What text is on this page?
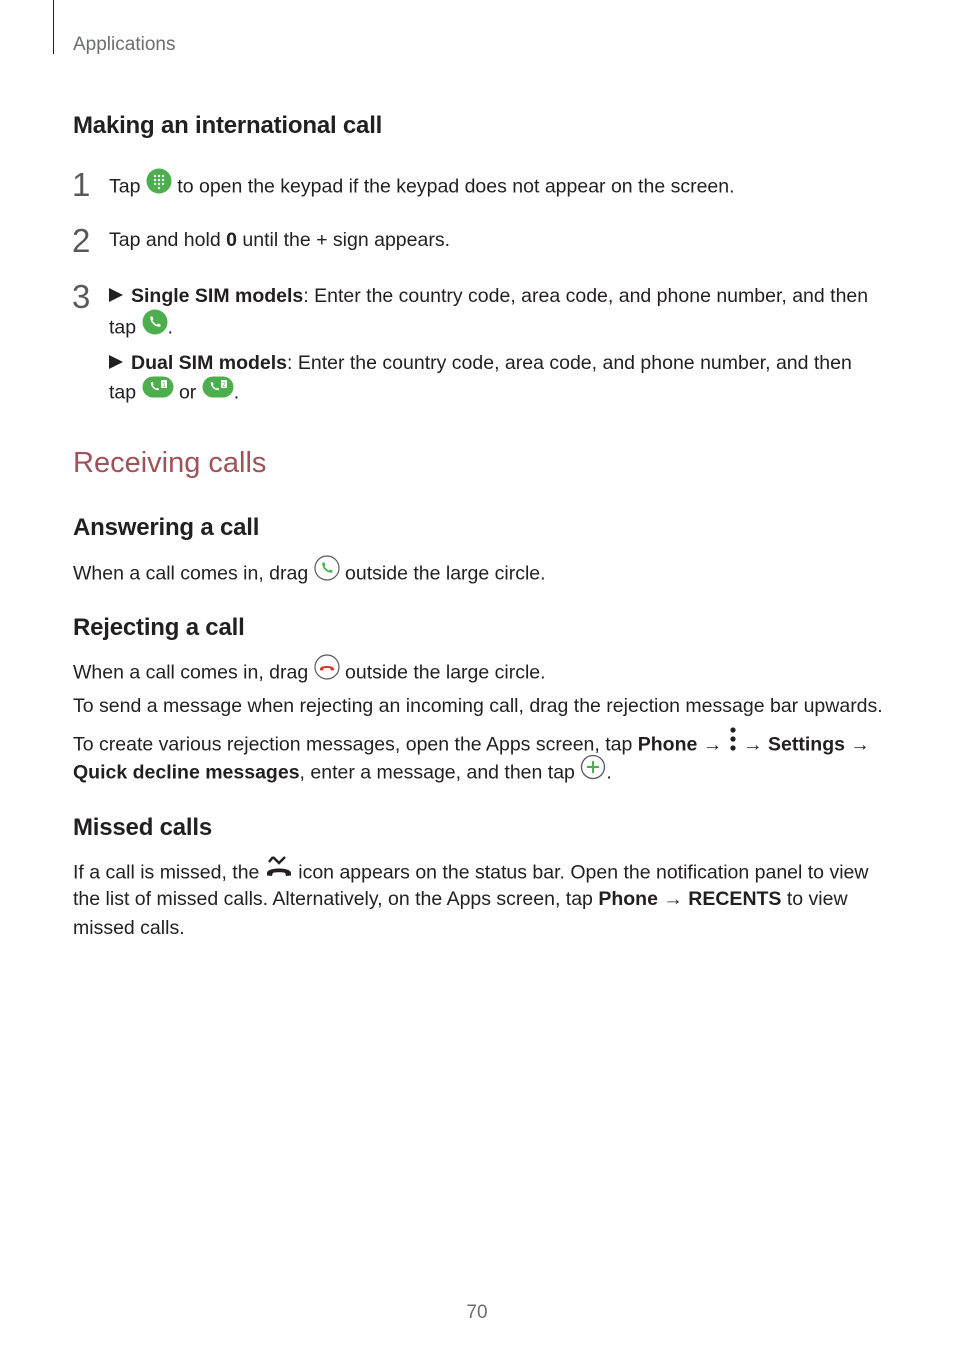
Applications
Making an international call
1 Tap to open the keypad if the keypad does not appear on the screen.
2 Tap and hold 0 until the + sign appears.
3	Single SIM models: Enter the country code, area code, and phone number, and then
tap .
Dual SIM models: Enter the country code, area code, and phone number, and then
tap	1 or	2 .
Receiving calls
Answering a call
When a call comes in, drag outside the large circle.
Rejecting a call
When a call comes in, drag outside the large circle.
To send a message when rejecting an incoming call, drag the rejection message bar upwards.
To create various rejection messages, open the Apps screen, tap Phone → → Settings →
Quick decline messages, enter a message, and then tap .
Missed calls
If a call is missed, the icon appears on the status bar. Open the notification panel to view
the list of missed calls. Alternatively, on the Apps screen, tap Phone → RECENTS to view
missed calls.
70
